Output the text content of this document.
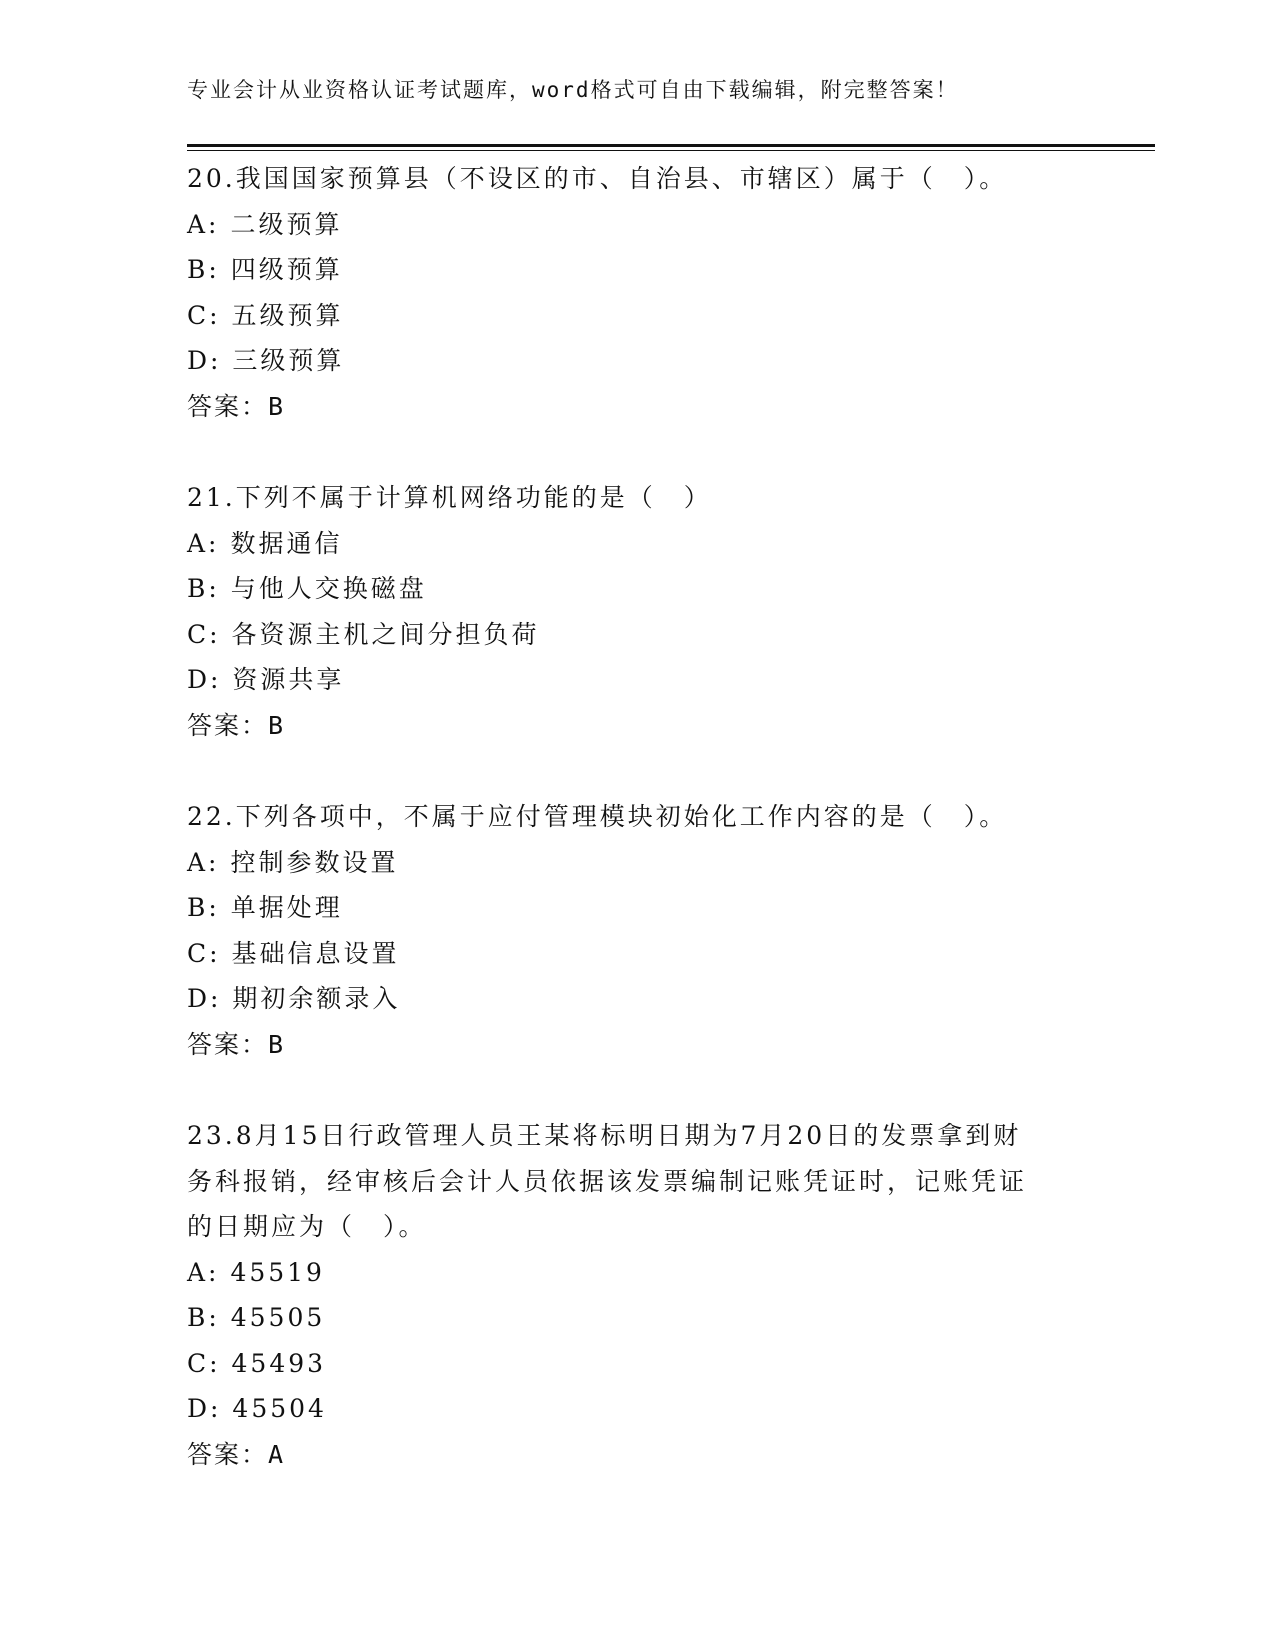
专业会计从业资格认证考试题库，word格式可自由下载编辑，附完整答案！
20.我国国家预算县（不设区的市、自治县、市辖区）属于（　）。
A: 二级预算
B: 四级预算
C: 五级预算
D: 三级预算
答案：B
21.下列不属于计算机网络功能的是（　）
A: 数据通信
B: 与他人交换磁盘
C: 各资源主机之间分担负荷
D: 资源共享
答案：B
22.下列各项中，不属于应付管理模块初始化工作内容的是（　）。
A: 控制参数设置
B: 单据处理
C: 基础信息设置
D: 期初余额录入
答案：B
23.8月15日行政管理人员王某将标明日期为7月20日的发票拿到财
务科报销，经审核后会计人员依据该发票编制记账凭证时，记账凭证
的日期应为（　）。
A: 45519
B: 45505
C: 45493
D: 45504
答案：A
